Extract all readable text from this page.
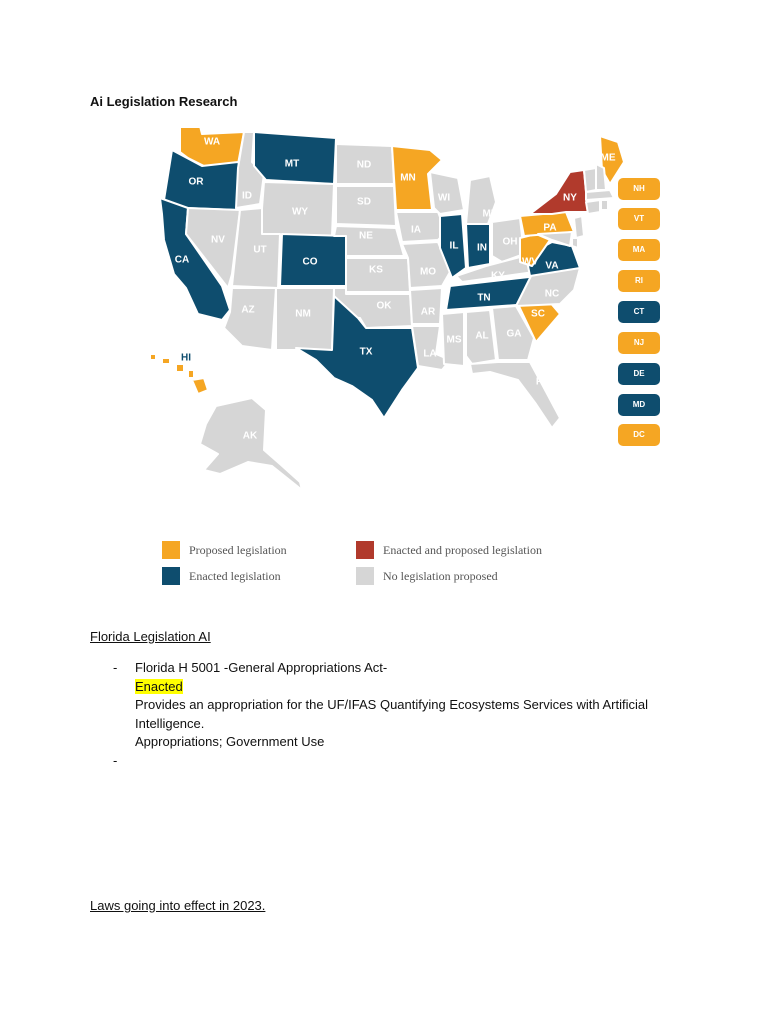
Ai Legislation Research
WA
OR
CA
ID
NV
MT
WY
UT
CO
AZ	NM
ND
SD
NE
KS
OK
TX
MN
IA
MO
AR
LA
WI
IL
MS
MI
IN
OH
KY
TN
AL GA
FL
SC
NC
VA
WV
PA
NY
ME
AK
HI
NH
VT
MA
RI
CT
NJ
DE
MD
DC
Proposed legislation	Enacted and proposed legislation
Enacted legislation	No legislation proposed
Florida Legislation AI
-	Florida H 5001 -General Appropriations Act-
Enacted
Provides an appropriation for the UF/IFAS Quantifying Ecosystems Services with Artificial Intelligence.
Appropriations; Government Use
-
Laws going into effect in 2023.
